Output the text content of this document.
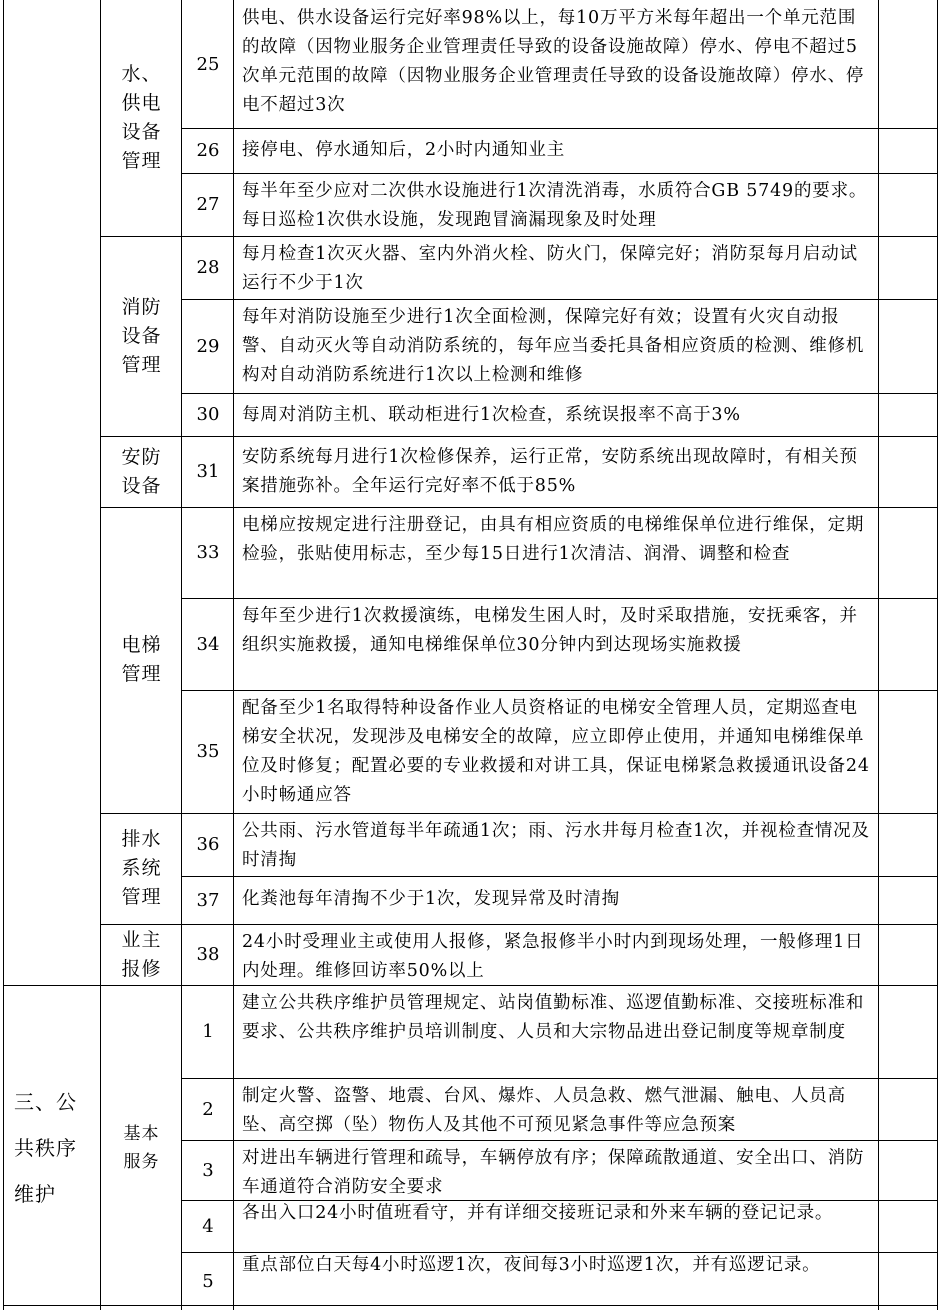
水、供电设备管理
消防设备管理
安防设备
电梯管理
排水系统管理
业主报修
三、公共秩序维护
基本服务
25
26
27
28
29
30
31
33
34
35
36
37
38
1
2
3
4
5
供电、供水设备运行完好率98%以上，每10万平方米每年超出一个单元范围的故障（因物业服务企业管理责任导致的设备设施故障）停水、停电不超过5次单元范围的故障（因物业服务企业管理责任导致的设备设施故障）停水、停电不超过3次
接停电、停水通知后，2小时内通知业主
每半年至少应对二次供水设施进行1次清洗消毒，水质符合GB 5749的要求。每日巡检1次供水设施，发现跑冒滴漏现象及时处理
每月检查1次灭火器、室内外消火栓、防火门，保障完好；消防泵每月启动试运行不少于1次
每年对消防设施至少进行1次全面检测，保障完好有效；设置有火灾自动报警、自动灭火等自动消防系统的，每年应当委托具备相应资质的检测、维修机构对自动消防系统进行1次以上检测和维修
每周对消防主机、联动柜进行1次检查，系统误报率不高于3%
安防系统每月进行1次检修保养，运行正常，安防系统出现故障时，有相关预案措施弥补。全年运行完好率不低于85%
电梯应按规定进行注册登记，由具有相应资质的电梯维保单位进行维保，定期检验，张贴使用标志，至少每15日进行1次清洁、润滑、调整和检查
每年至少进行1次救援演练，电梯发生困人时，及时采取措施，安抚乘客，并组织实施救援，通知电梯维保单位30分钟内到达现场实施救援
配备至少1名取得特种设备作业人员资格证的电梯安全管理人员，定期巡查电梯安全状况，发现涉及电梯安全的故障，应立即停止使用，并通知电梯维保单位及时修复；配置必要的专业救援和对讲工具，保证电梯紧急救援通讯设备24小时畅通应答
公共雨、污水管道每半年疏通1次；雨、污水井每月检查1次，并视检查情况及时清掏
化粪池每年清掏不少于1次，发现异常及时清掏
24小时受理业主或使用人报修，紧急报修半小时内到现场处理，一般修理1日内处理。维修回访率50%以上
建立公共秩序维护员管理规定、站岗值勤标准、巡逻值勤标准、交接班标准和要求、公共秩序维护员培训制度、人员和大宗物品进出登记制度等规章制度
制定火警、盗警、地震、台风、爆炸、人员急救、燃气泄漏、触电、人员高坠、高空掷（坠）物伤人及其他不可预见紧急事件等应急预案
对进出车辆进行管理和疏导，车辆停放有序；保障疏散通道、安全出口、消防车通道符合消防安全要求
各出入口24小时值班看守，并有详细交接班记录和外来车辆的登记记录。
重点部位白天每4小时巡逻1次，夜间每3小时巡逻1次，并有巡逻记录。
